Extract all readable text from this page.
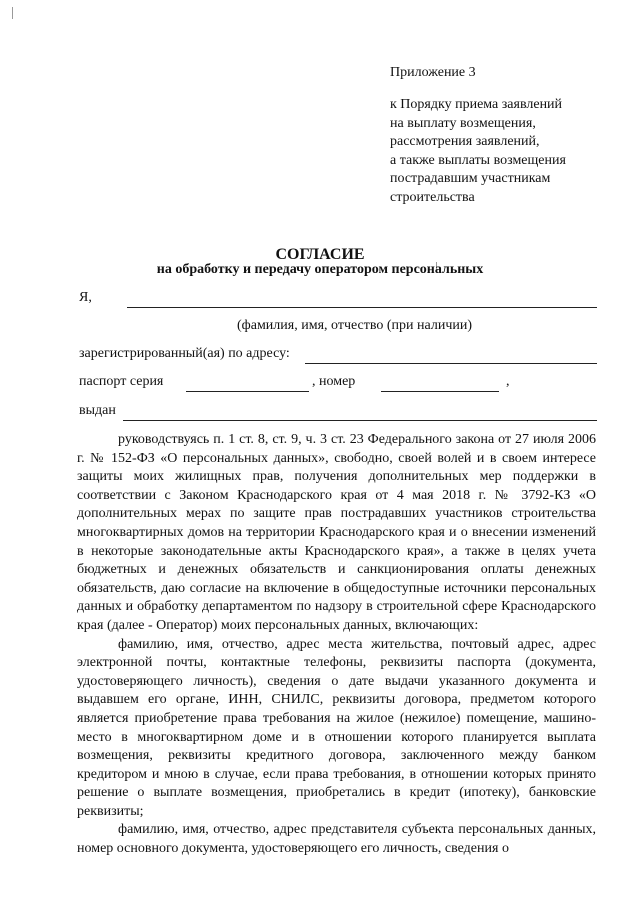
Приложение 3
к Порядку приема заявлений
на выплату возмещения,
рассмотрения заявлений,
а также выплаты возмещения
пострадавшим участникам
строительства
СОГЛАСИЕ
на обработку и передачу оператором персональных
Я,
(фамилия, имя, отчество (при наличии)
зарегистрированный(ая) по адресу:
паспорт серия	, номер	,
выдан

руководствуясь п. 1 ст. 8, ст. 9, ч. 3 ст. 23 Федерального закона от 27 июля 2006 г. № 152-ФЗ «О персональных данных», свободно, своей волей и в своем интересе защиты моих жилищных прав, получения дополнительных мер поддержки в соответствии с Законом Краснодарского края от 4 мая 2018 г. № 3792-КЗ «О дополнительных мерах по защите прав пострадавших участников строительства многоквартирных домов на территории Краснодарского края и о внесении изменений в некоторые законодательные акты Краснодарского края», а также в целях учета бюджетных и денежных обязательств и санкционирования оплаты денежных обязательств, даю согласие на включение в общедоступные источники персональных данных и обработку департаментом по надзору в строительной сфере Краснодарского края (далее - Оператор) моих персональных данных, включающих:

фамилию, имя, отчество, адрес места жительства, почтовый адрес, адрес электронной почты, контактные телефоны, реквизиты паспорта (документа, удостоверяющего личность), сведения о дате выдачи указанного документа и выдавшем его органе, ИНН, СНИЛС, реквизиты договора, предметом которого является приобретение права требования на жилое (нежилое) помещение, машино-место в многоквартирном доме и в отношении которого планируется выплата возмещения, реквизиты кредитного договора, заключенного между банком кредитором и мною в случае, если права требования, в отношении которых принято решение о выплате возмещения, приобретались в кредит (ипотеку), банковские реквизиты;

фамилию, имя, отчество, адрес представителя субъекта персональных данных, номер основного документа, удостоверяющего его личность, сведения о
